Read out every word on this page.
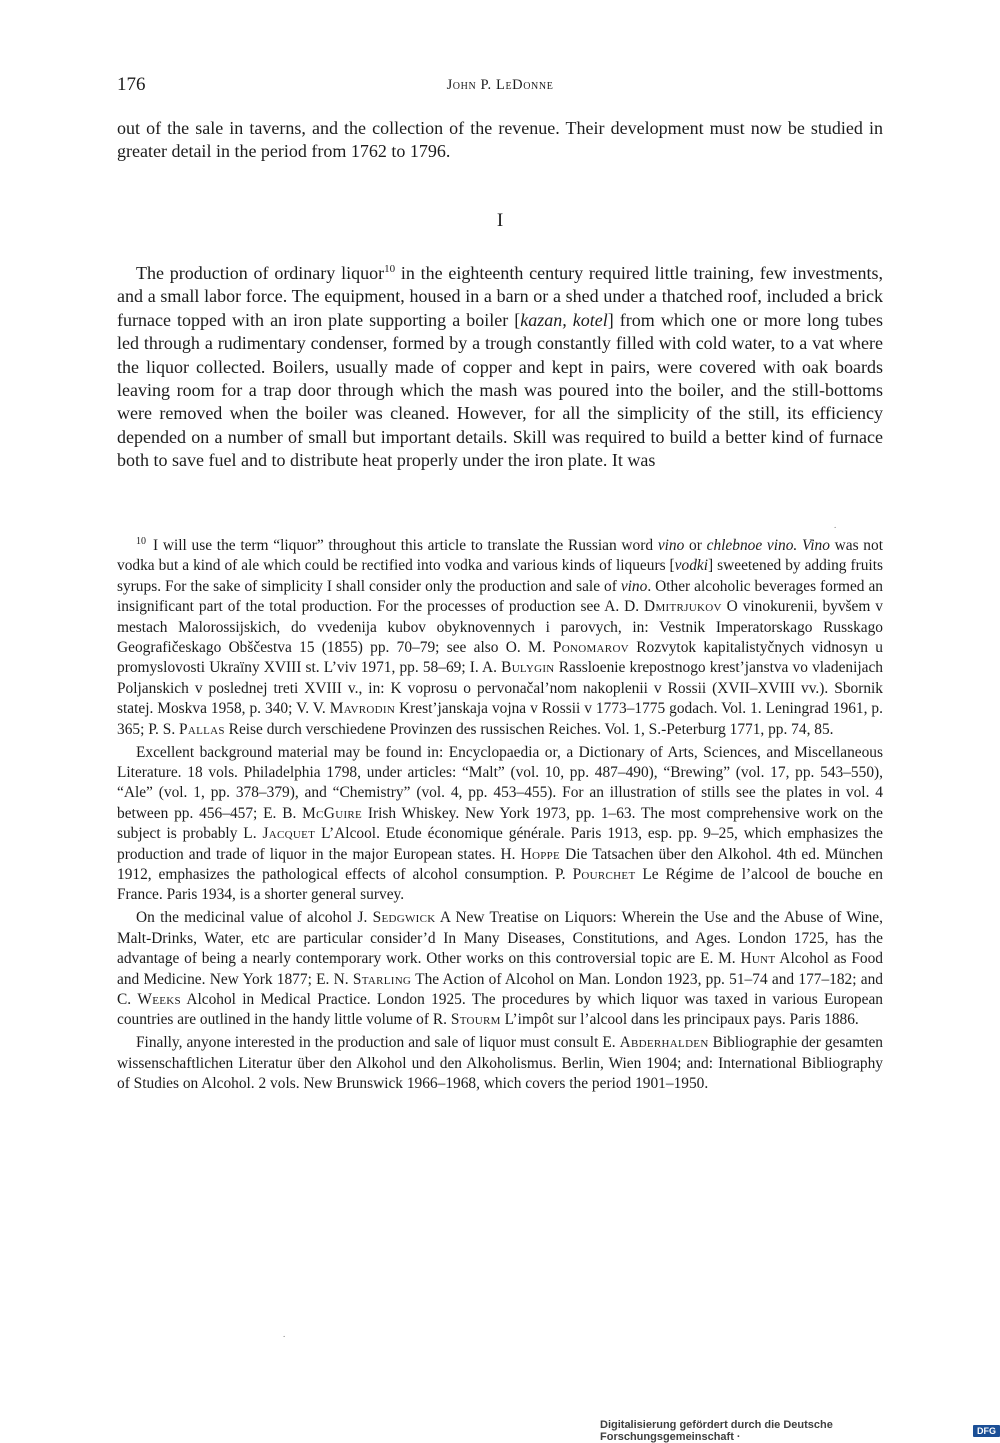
176	John P. LeDonne

out of the sale in taverns, and the collection of the revenue. Their development must now be studied in greater detail in the period from 1762 to 1796.

I

The production of ordinary liquor$^{10}$ in the eighteenth century required little training, few investments, and a small labor force. The equipment, housed in a barn or a shed under a thatched roof, included a brick furnace topped with an iron plate supporting a boiler [kazan, kotel] from which one or more long tubes led through a rudimentary condenser, formed by a trough constantly filled with cold water, to a vat where the liquor collected. Boilers, usually made of copper and kept in pairs, were covered with oak boards leaving room for a trap door through which the mash was poured into the boiler, and the still-bottoms were removed when the boiler was cleaned. However, for all the simplicity of the still, its efficiency depended on a number of small but important details. Skill was required to build a better kind of furnace both to save fuel and to distribute heat properly under the iron plate. It was

.

$^{10}$ I will use the term “liquor” throughout this article to translate the Russian word vino or chlebnoe vino. Vino was not vodka but a kind of ale which could be rectified into vodka and various kinds of liqueurs [vodki] sweetened by adding fruits syrups. For the sake of simplicity I shall consider only the production and sale of vino. Other alcoholic beverages formed an insignificant part of the total production. For the processes of production see A. D. Dmitrjukov O vinokurenii, byvšem v mestach Malorossijskich, do vvedenija kubov obyknovennych i parovych, in: Vestnik Imperatorskago Russkago Geografičeskago Obščestva 15 (1855) pp. 70–79; see also O. M. Ponomarov Rozvytok kapitalistyčnych vidnosyn u promyslovosti Ukraïny XVIII st. L’viv 1971, pp. 58–69; I. A. Bulygin Rassloenie krepostnogo krest’janstva vo vladenijach Poljanskich v poslednej treti XVIII v., in: K voprosu o pervonačal’nom nakoplenii v Rossii (XVII–XVIII vv.). Sbornik statej. Moskva 1958, p. 340; V. V. Mavrodin Krest’janskaja vojna v Rossii v 1773–1775 godach. Vol. 1. Leningrad 1961, p. 365; P. S. Pallas Reise durch verschiedene Provinzen des russischen Reiches. Vol. 1, S.-Peterburg 1771, pp. 74, 85.

Excellent background material may be found in: Encyclopaedia or, a Dictionary of Arts, Sciences, and Miscellaneous Literature. 18 vols. Philadelphia 1798, under articles: “Malt” (vol. 10, pp. 487–490), “Brewing” (vol. 17, pp. 543–550), “Ale” (vol. 1, pp. 378–379), and “Chemistry” (vol. 4, pp. 453–455). For an illustration of stills see the plates in vol. 4 between pp. 456–457; E. B. McGuire Irish Whiskey. New York 1973, pp. 1–63. The most comprehensive work on the subject is probably L. Jacquet L’Alcool. Etude économique générale. Paris 1913, esp. pp. 9–25, which emphasizes the production and trade of liquor in the major European states. H. Hoppe Die Tatsachen über den Alkohol. 4th ed. München 1912, emphasizes the pathological effects of alcohol consumption. P. Pourchet Le Régime de l’alcool de bouche en France. Paris 1934, is a shorter general survey.

On the medicinal value of alcohol J. Sedgwick A New Treatise on Liquors: Wherein the Use and the Abuse of Wine, Malt-Drinks, Water, etc are particular consider’d In Many Diseases, Constitutions, and Ages. London 1725, has the advantage of being a nearly contemporary work. Other works on this controversial topic are E. M. Hunt Alcohol as Food and Medicine. New York 1877; E. N. Starling The Action of Alcohol on Man. London 1923, pp. 51–74 and 177–182; and C. Weeks Alcohol in Medical Practice. London 1925. The procedures by which liquor was taxed in various European countries are outlined in the handy little volume of R. Stourm L’impôt sur l’alcool dans les principaux pays. Paris 1886.

Finally, anyone interested in the production and sale of liquor must consult E. Abderhalden Bibliographie der gesamten wissenschaftlichen Literatur über den Alkohol und den Alkoholismus. Berlin, Wien 1904; and: International Bibliography of Studies on Alcohol. 2 vols. New Brunswick 1966–1968, which covers the period 1901–1950.

.
Digitalisierung gefördert durch die Deutsche Forschungsgemeinschaft ·	DFG
